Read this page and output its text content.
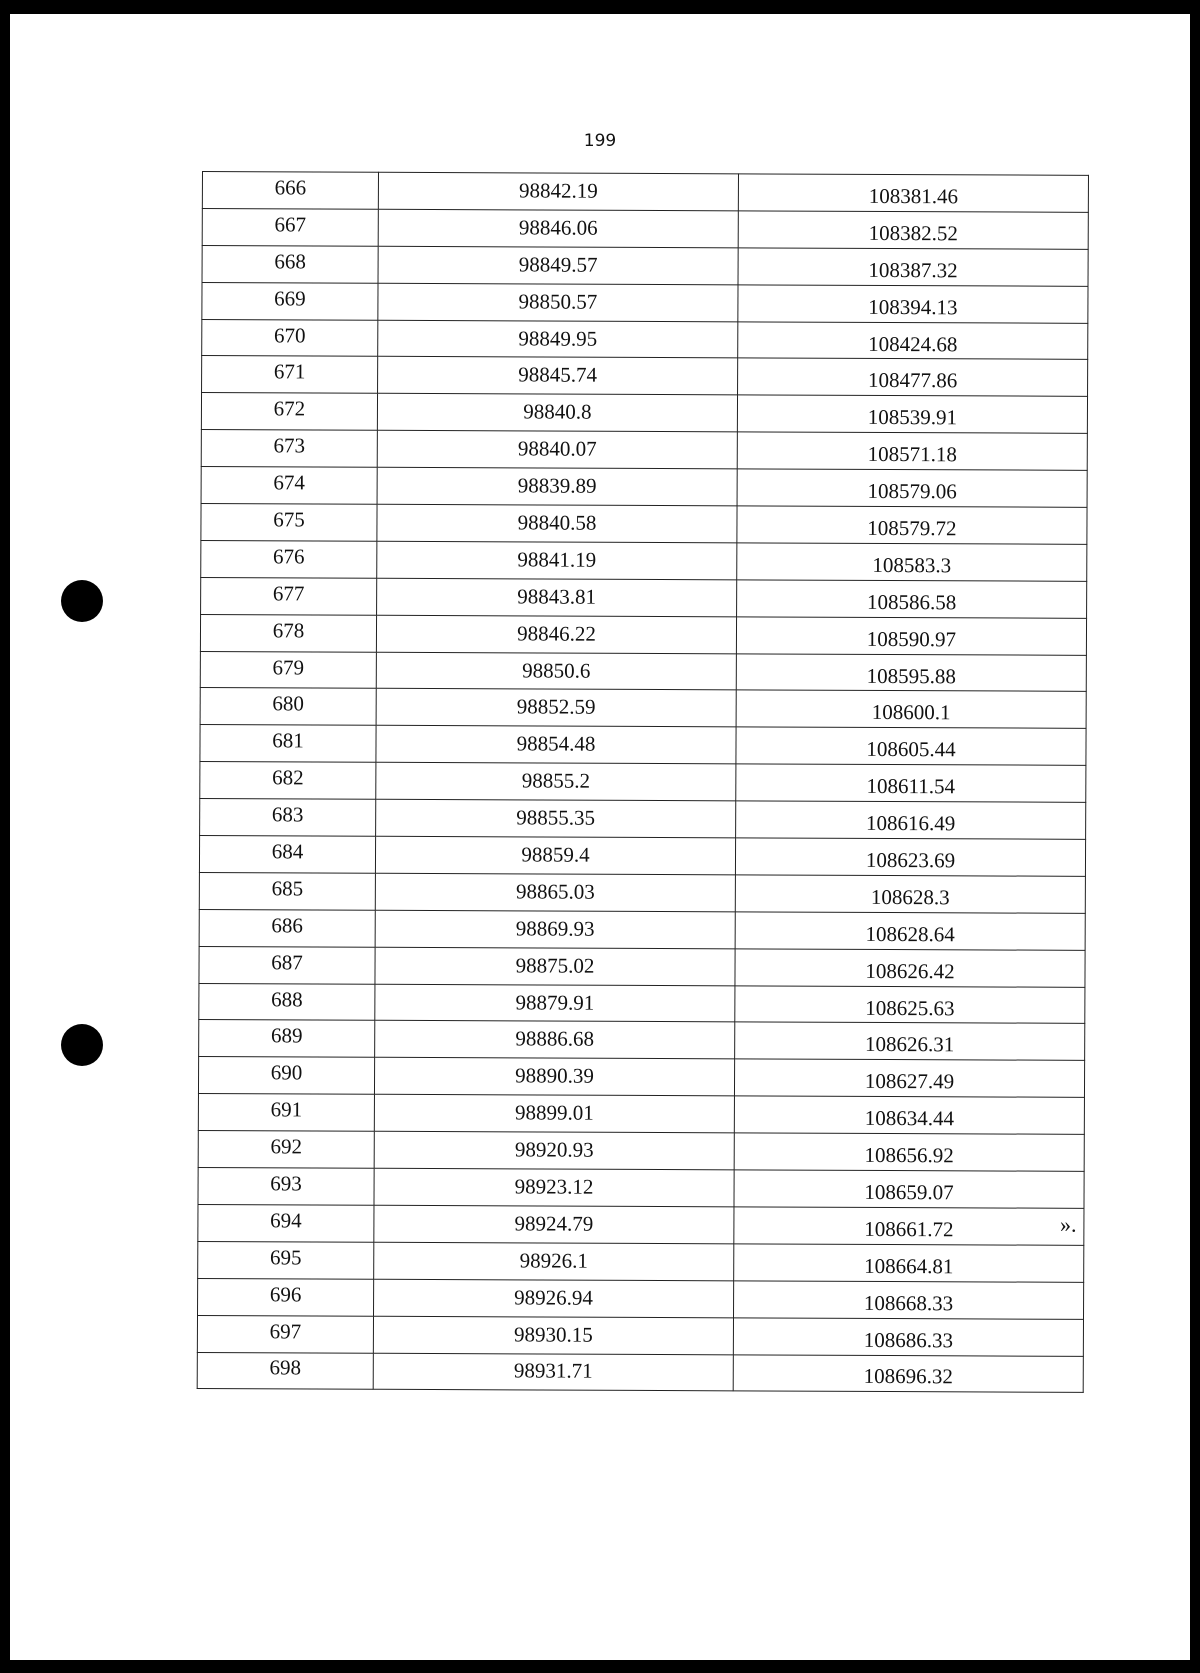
199
666	98842.19	108381.46
667	98846.06	108382.52
668	98849.57	108387.32
669	98850.57	108394.13
670	98849.95	108424.68
671	98845.74	108477.86
672	98840.8	108539.91
673	98840.07	108571.18
674	98839.89	108579.06
675	98840.58	108579.72
676	98841.19	108583.3
677	98843.81	108586.58
678	98846.22	108590.97
679	98850.6	108595.88
680	98852.59	108600.1
681	98854.48	108605.44
682	98855.2	108611.54
683	98855.35	108616.49
684	98859.4	108623.69
685	98865.03	108628.3
686	98869.93	108628.64
687	98875.02	108626.42
688	98879.91	108625.63
689	98886.68	108626.31
690	98890.39	108627.49
691	98899.01	108634.44
692	98920.93	108656.92
693	98923.12	108659.07
694	98924.79	108661.72
695	98926.1	108664.81
696	98926.94	108668.33
697	98930.15	108686.33
698	98931.71	108696.32
».
